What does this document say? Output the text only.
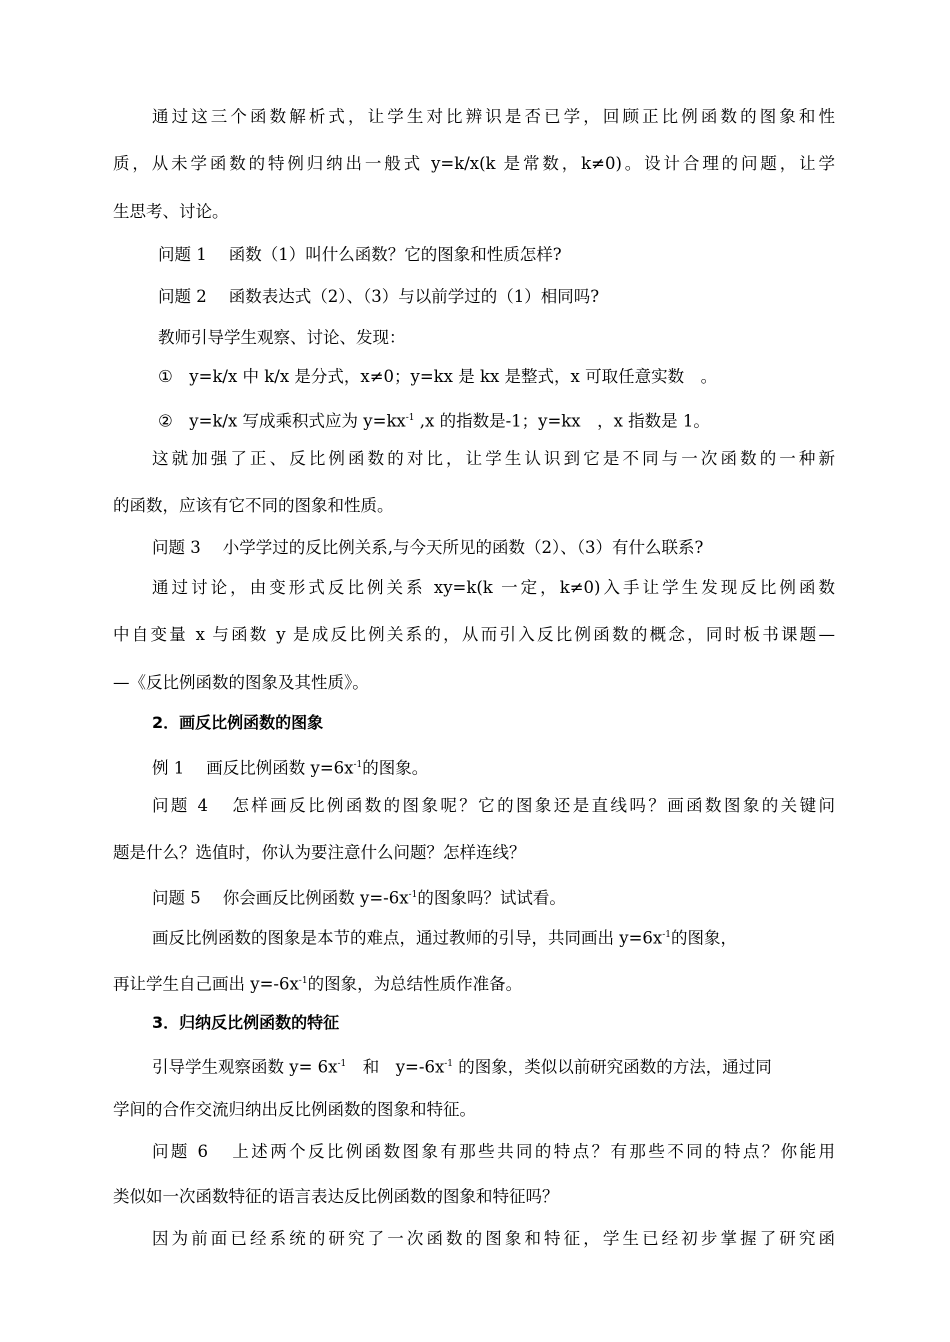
通过这三个函数解析式，让学生对比辨识是否已学，回顾正比例函数的图象和性
质，从未学函数的特例归纳出一般式 y=k/x(k 是常数，k≠0)。设计合理的问题，让学
生思考、讨论。
问题 1 函数（1）叫什么函数？它的图象和性质怎样?
问题 2 函数表达式（2）、（3）与以前学过的（1）相同吗?
教师引导学生观察、讨论、发现：
①　y=k/x 中 k/x 是分式，x≠0；y=kx 是 kx 是整式，x 可取任意实数　。
②　y=k/x 写成乘积式应为 $y=kx^{-1}$ ,x 的指数是-1；y=kx　，x 指数是 1。
这就加强了正、反比例函数的对比，让学生认识到它是不同与一次函数的一种新
的函数，应该有它不同的图象和性质。
问题 3 小学学过的反比例关系,与今天所见的函数（2）、（3）有什么联系?
通过讨论，由变形式反比例关系 xy=k(k 一定，k≠0)入手让学生发现反比例函数
中自变量 x 与函数 y 是成反比例关系的，从而引入反比例函数的概念，同时板书课题—
—《反比例函数的图象及其性质》。
2．画反比例函数的图象
例 1 画反比例函数 $y=6x^{-1}$的图象。
问题 4 怎样画反比例函数的图象呢？它的图象还是直线吗？画函数图象的关键问
题是什么？选值时，你认为要注意什么问题？怎样连线？
问题 5 你会画反比例函数 $y=-6x^{-1}$的图象吗？试试看。
画反比例函数的图象是本节的难点，通过教师的引导，共同画出 $y=6x^{-1}$的图象，
再让学生自己画出 $y=-6x^{-1}$的图象，为总结性质作准备。
3．归纳反比例函数的特征
引导学生观察函数 $y= 6x^{-1}$　和　$y=-6x^{-1}$ 的图象，类似以前研究函数的方法，通过同
学间的合作交流归纳出反比例函数的图象和特征。
问题 6 上述两个反比例函数图象有那些共同的特点？有那些不同的特点？你能用
类似如一次函数特征的语言表达反比例函数的图象和特征吗？
因为前面已经系统的研究了一次函数的图象和特征，学生已经初步掌握了研究函
